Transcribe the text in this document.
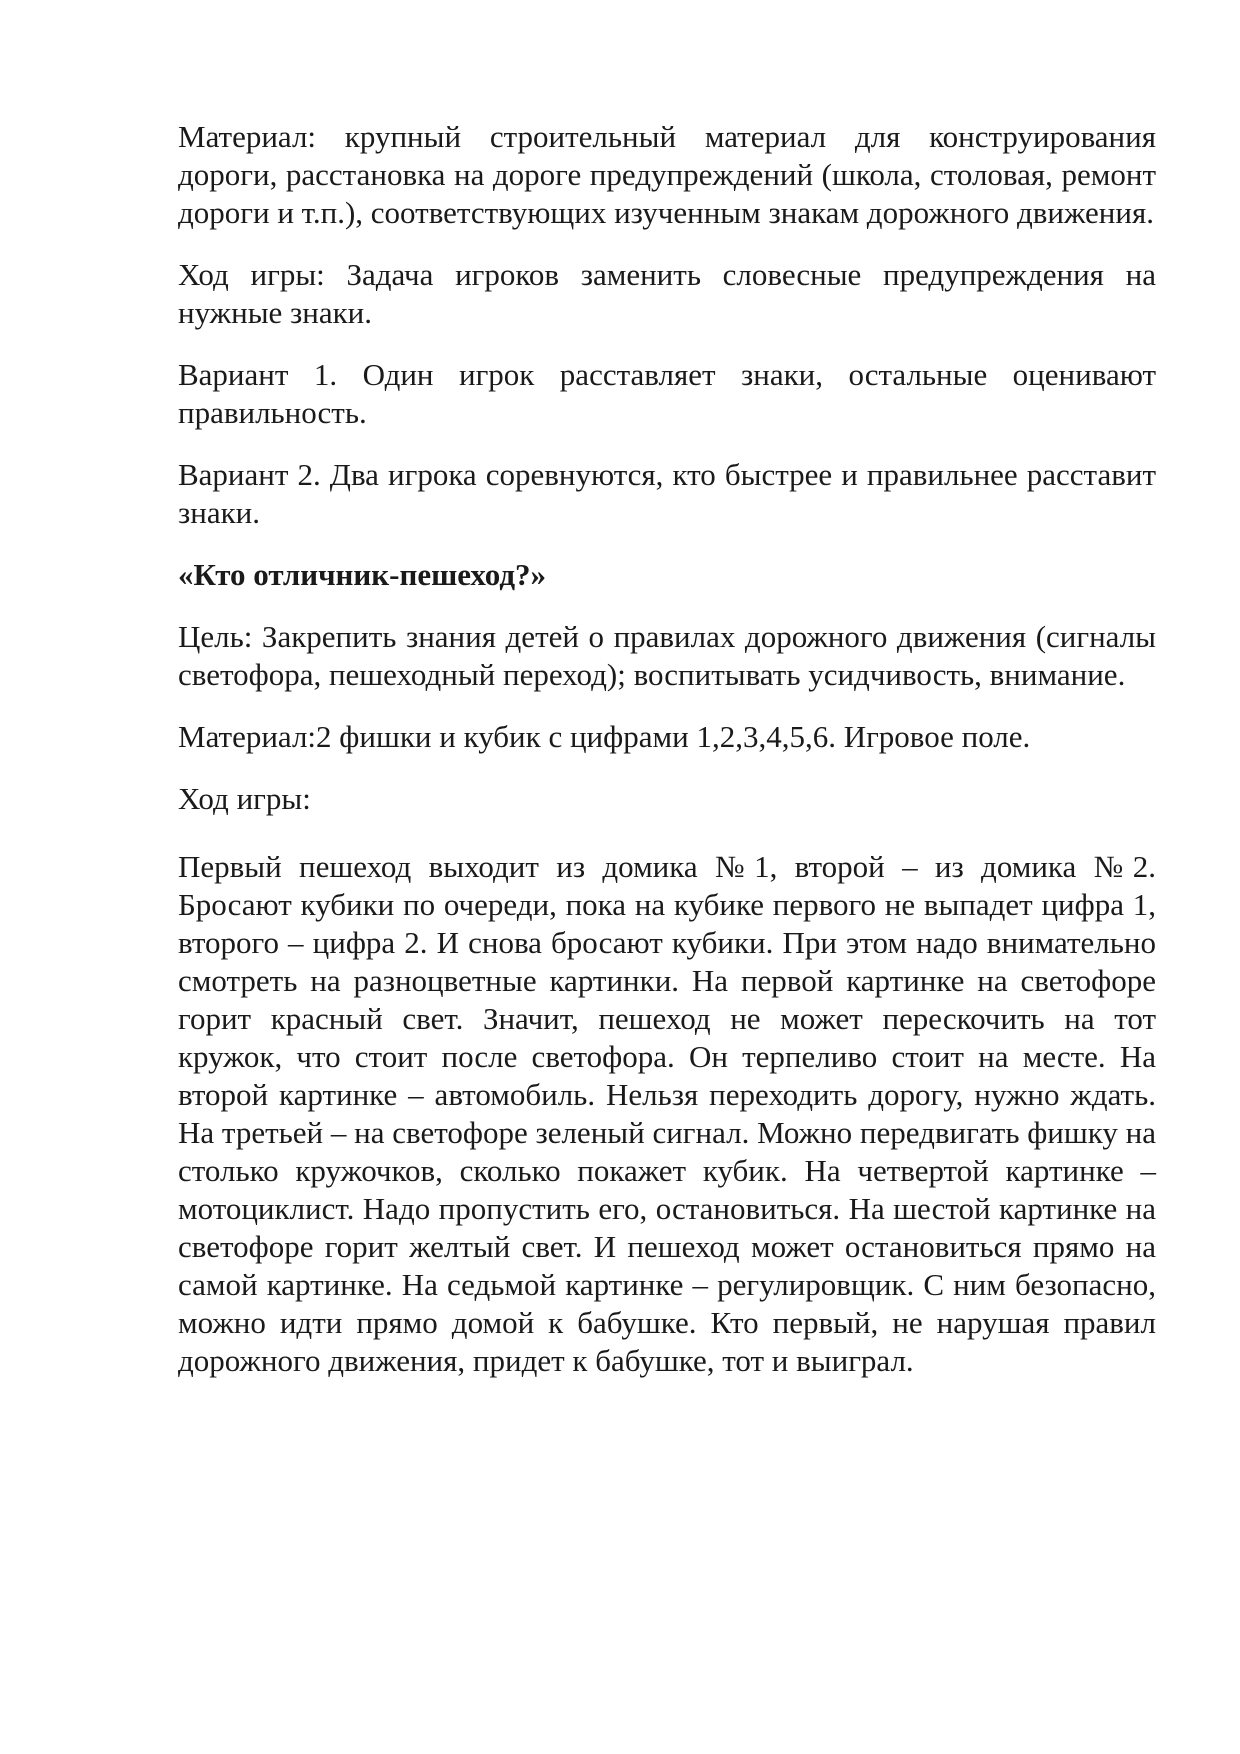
Материал: крупный строительный материал для конструирования дороги, расстановка на дороге предупреждений (школа, столовая, ремонт дороги и т.п.), соответствующих изученным знакам дорожного движения.

Ход игры: Задача игроков заменить словесные предупреждения на нужные знаки.

Вариант 1. Один игрок расставляет знаки, остальные оценивают правильность.

Вариант 2. Два игрока соревнуются, кто быстрее и правильнее расставит знаки.

«Кто отличник-пешеход?»

Цель: Закрепить знания детей о правилах дорожного движения (сигналы светофора, пешеходный переход); воспитывать усидчивость, внимание.

Материал:2 фишки и кубик с цифрами 1,2,3,4,5,6. Игровое поле.

Ход игры:

Первый пешеход выходит из домика №1, второй – из домика №2. Бросают кубики по очереди, пока на кубике первого не выпадет цифра 1, второго – цифра 2. И снова бросают кубики. При этом надо внимательно смотреть на разноцветные картинки. На первой картинке на светофоре горит красный свет. Значит, пешеход не может перескочить на тот кружок, что стоит после светофора. Он терпеливо стоит на месте. На второй картинке – автомобиль. Нельзя переходить дорогу, нужно ждать. На третьей – на светофоре зеленый сигнал. Можно передвигать фишку на столько кружочков, сколько покажет кубик. На четвертой картинке – мотоциклист. Надо пропустить его, остановиться. На шестой картинке на светофоре горит желтый свет. И пешеход может остановиться прямо на самой картинке. На седьмой картинке – регулировщик. С ним безопасно, можно идти прямо домой к бабушке. Кто первый, не нарушая правил дорожного движения, придет к бабушке, тот и выиграл.
